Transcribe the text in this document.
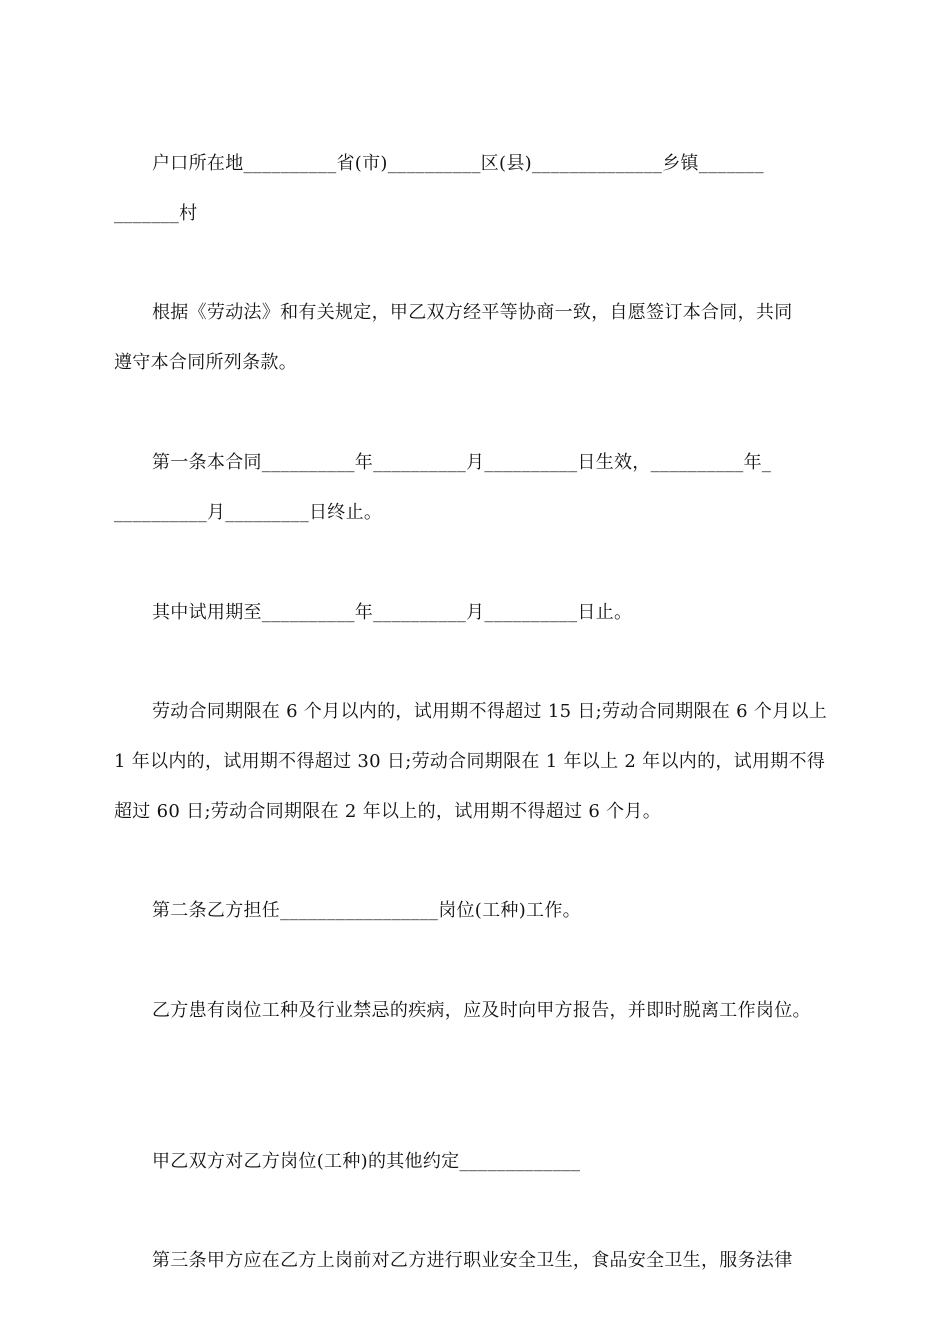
户口所在地__________省(市)__________区(县)______________乡镇_______
_______村
根据《劳动法》和有关规定，甲乙双方经平等协商一致，自愿签订本合同，共同
遵守本合同所列条款。
第一条本合同__________年__________月__________日生效，__________年_
__________月_________日终止。
其中试用期至__________年__________月__________日止。
劳动合同期限在 6 个月以内的，试用期不得超过 15 日;劳动合同期限在 6 个月以上
1 年以内的，试用期不得超过 30 日;劳动合同期限在 1 年以上 2 年以内的，试用期不得
超过 60 日;劳动合同期限在 2 年以上的，试用期不得超过 6 个月。
第二条乙方担任_________________岗位(工种)工作。
乙方患有岗位工种及行业禁忌的疾病，应及时向甲方报告，并即时脱离工作岗位。
甲乙双方对乙方岗位(工种)的其他约定_____________
第三条甲方应在乙方上岗前对乙方进行职业安全卫生，食品安全卫生，服务法律
